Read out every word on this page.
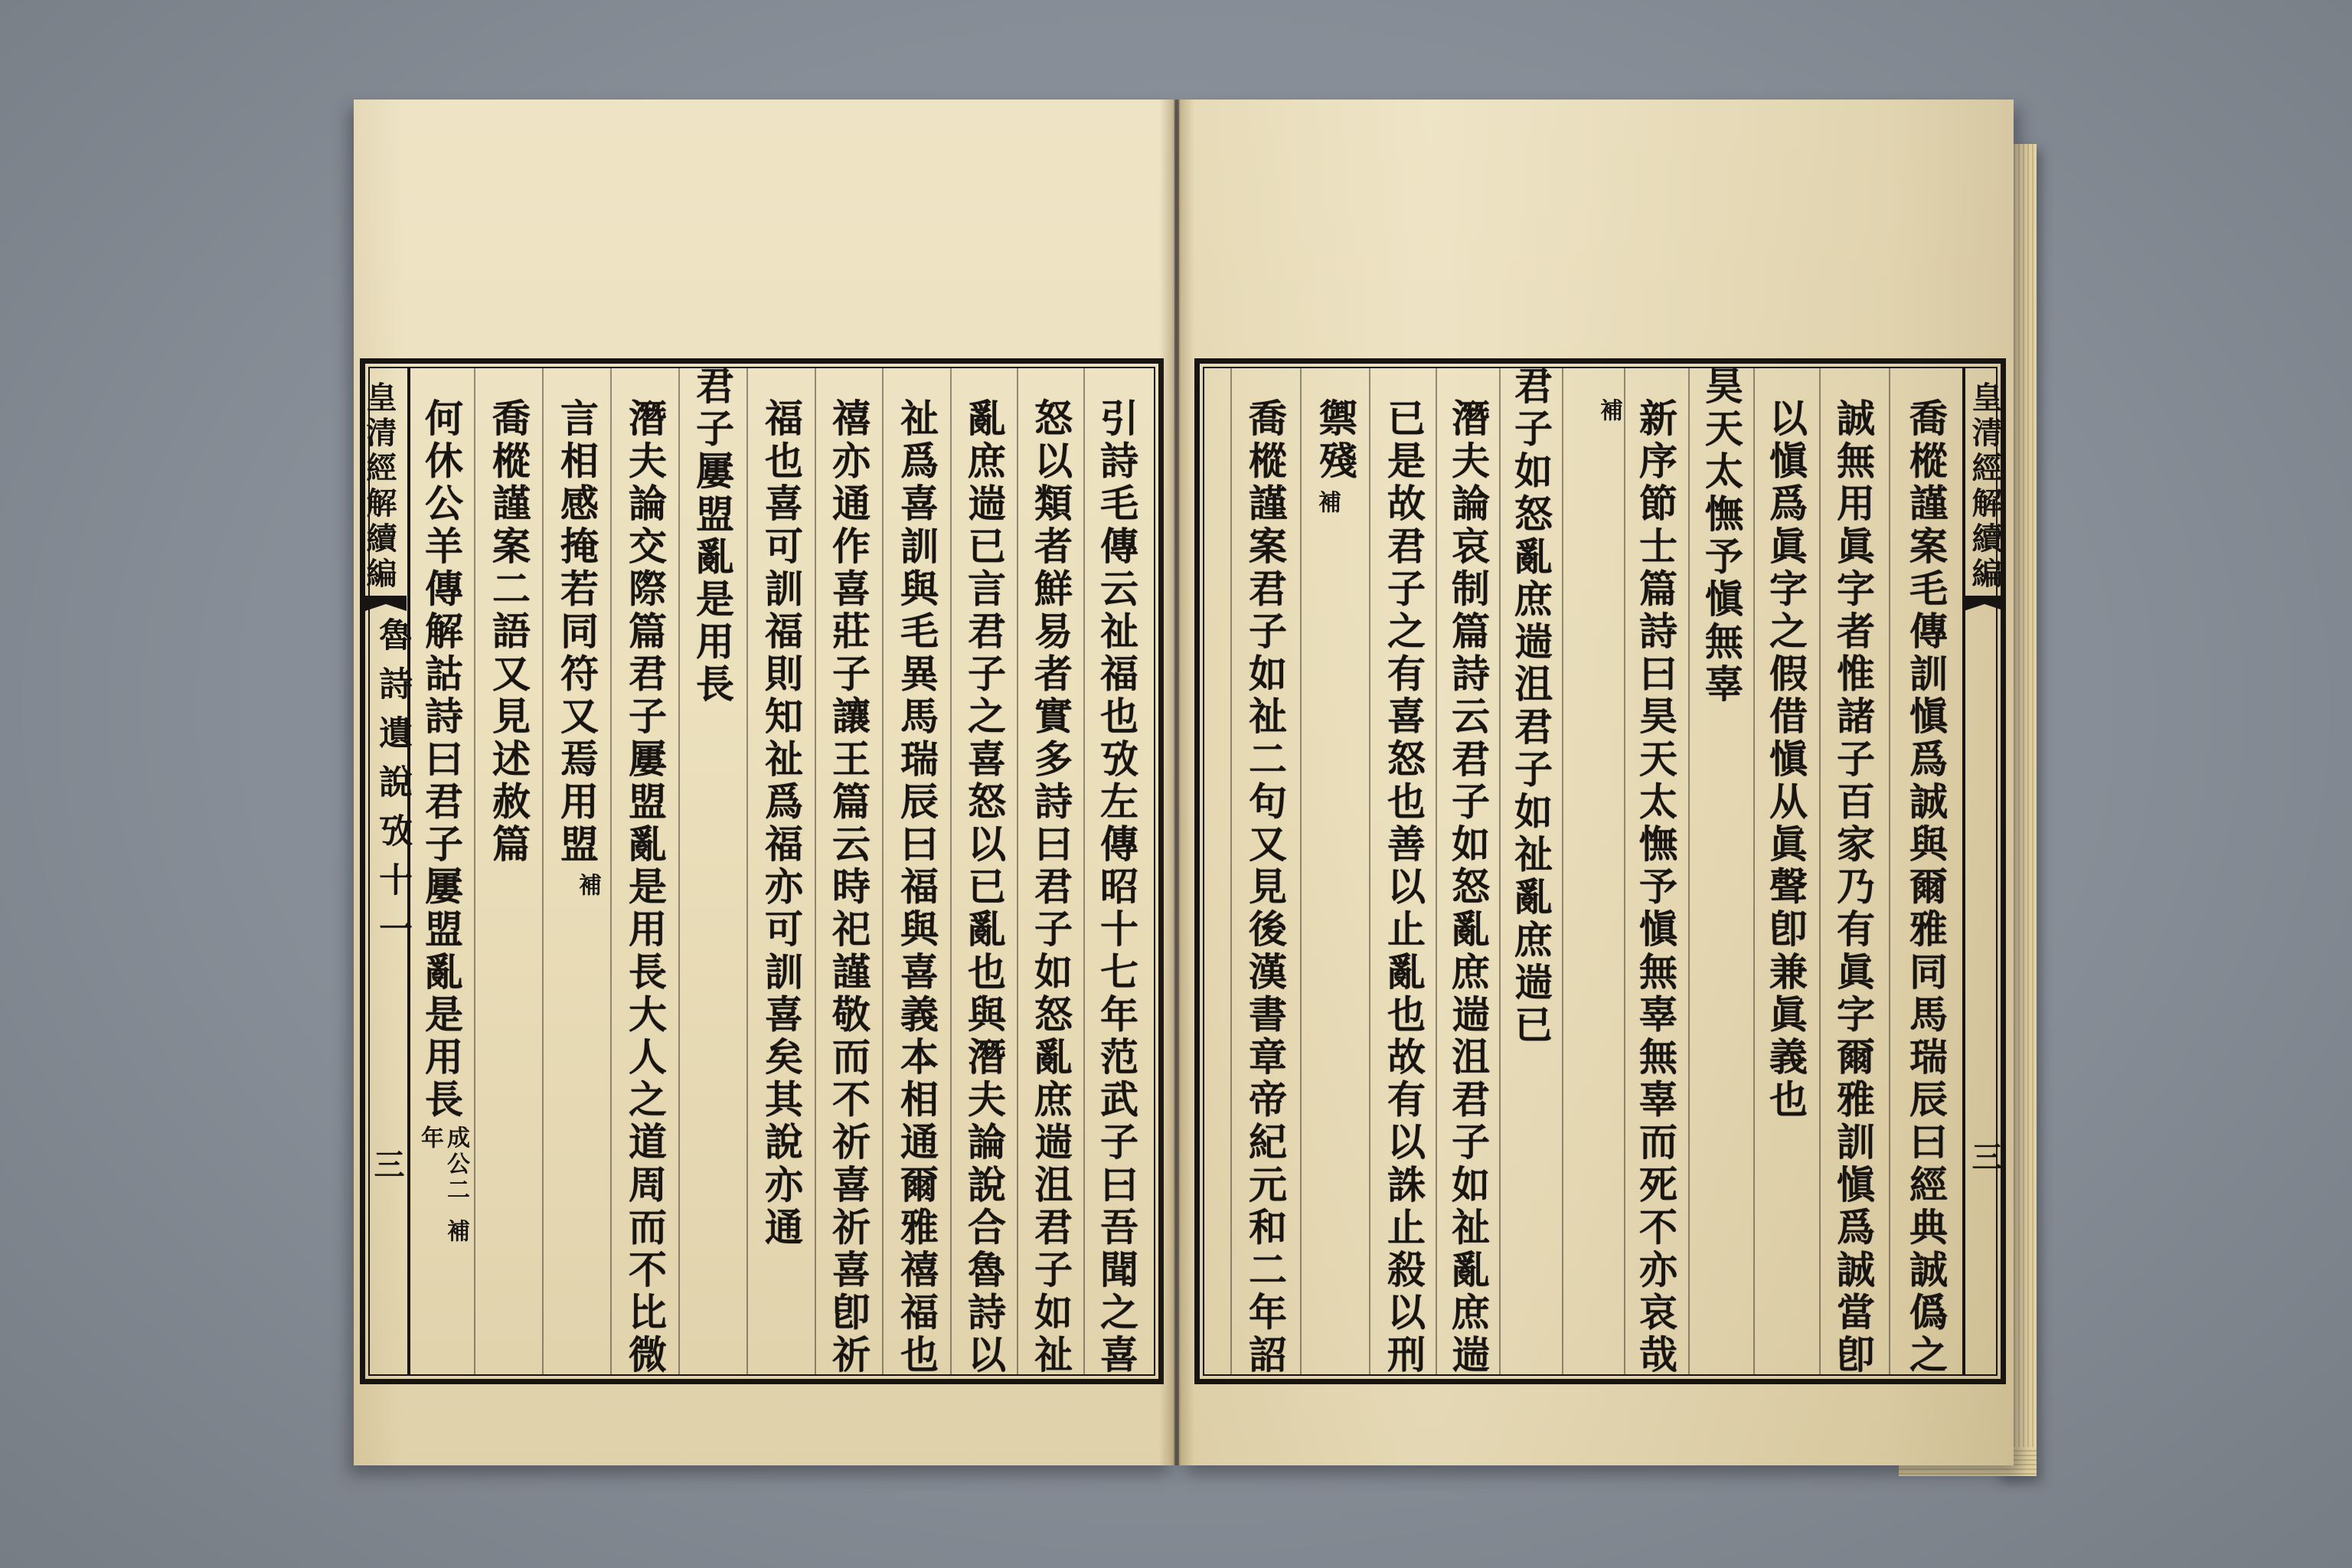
皇清經解續編
魯詩遺說攷十一
三	引詩毛傳云祉福也攷左傳昭十七年范武子曰吾聞之喜
怒以類者鮮易者實多詩曰君子如怒亂庶遄沮君子如祉
亂庶遄已言君子之喜怒以已亂也與潛夫論說合魯詩以
祉爲喜訓與毛異馬瑞辰曰福與喜義本相通爾雅禧福也
禧亦通作喜莊子讓王篇云時祀謹敬而不祈喜祈喜卽祈
福也喜可訓福則知祉爲福亦可訓喜矣其說亦通
君子屢盟亂是用長
潛夫論交際篇君子屢盟亂是用長大人之道周而不比微
言相感掩若同符又焉用盟
補
喬樅謹案二語又見述赦篇
何休公羊傳解詁詩曰君子屢盟亂是用長
成公二
年
補
皇清經解續編
三
喬樅謹案毛傳訓愼爲誠與爾雅同馬瑞辰曰經典誠僞之
誠無用眞字者惟諸子百家乃有眞字爾雅訓愼爲誠當卽
以愼爲眞字之假借愼从眞聲卽兼眞義也
昊天太憮予愼無辜
新序節士篇詩曰昊天太憮予愼無辜無辜而死不亦哀哉
補
君子如怒亂庶遄沮君子如祉亂庶遄已
潛夫論哀制篇詩云君子如怒亂庶遄沮君子如祉亂庶遄
已是故君子之有喜怒也善以止亂也故有以誅止殺以刑
禦殘
補
喬樅謹案君子如祉二句又見後漢書章帝紀元和二年詔
